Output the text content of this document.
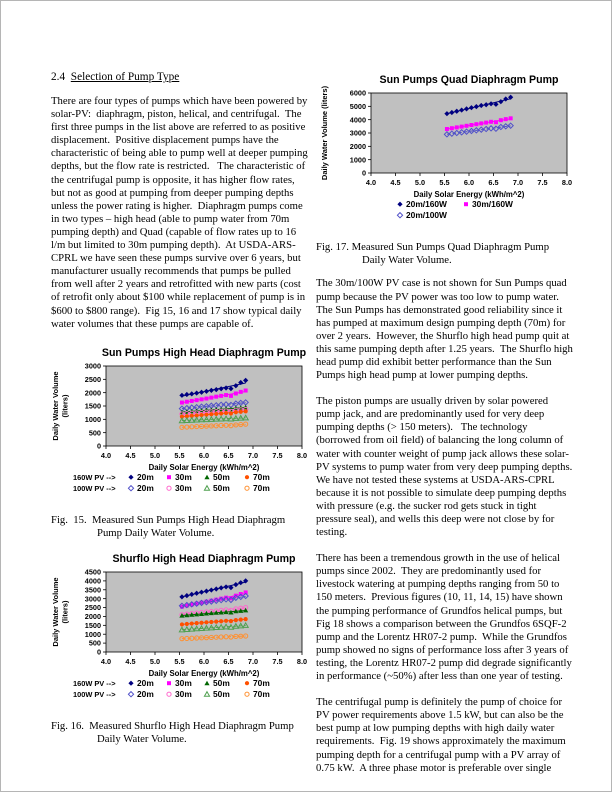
2.4 Selection of Pump Type

There are four types of pumps which have been powered by solar-PV:  diaphragm, piston, helical, and centrifugal.  The first three pumps in the list above are referred to as positive displacement.  Positive displacement pumps have the characteristic of being able to pump well at deeper pumping depths, but the flow rate is restricted.   The characteristic of the centrifugal pump is opposite, it has higher flow rates, but not as good at pumping from deeper pumping depths unless the power rating is higher.  Diaphragm pumps come in two types – high head (able to pump water from 70m pumping depth) and Quad (capable of flow rates up to 16 l/m but limited to 30m pumping depth).  At USDA-ARS-CPRL we have seen these pumps survive over 6 years, but manufacturer usually recommends that pumps be pulled from well after 2 years and retrofitted with new parts (cost of retrofit only about $100 while replacement of pump is in $600 to $800 range).  Fig 15, 16 and 17 show typical daily water volumes that these pumps are capable of.

Sun Pumps High Head Diaphragm Pump
0
500
1000
1500
2000
2500
3000
4.0 4.5 5.0 5.5 6.0 6.5 7.0 7.5 8.0
Daily Water Volume (liters)
Daily Solar Energy (kWh/m^2)
160W PV -->	20m	30m	50m	70m
100W PV -->	20m	30m	50m	70m
Fig.  15.  Measured Sun Pumps High Head Diaphragm
Pump Daily Water Volume.
Shurflo High Head Diaphragm Pump
0
500
1000
1500
2000
2500
3000
3500
4000
4500
4.0 4.5 5.0 5.5 6.0 6.5 7.0 7.5 8.0
Daily Water Volume (liters)
Daily Solar Energy (kWh/m^2)
160W PV -->	20m	30m	50m	70m
100W PV -->	20m	30m	50m	70m
Fig. 16.  Measured Shurflo High Head Diaphragm Pump
Daily Water Volume.
Sun Pumps Quad Diaphragm Pump
0
1000
2000
3000
4000
5000
6000
4.0 4.5 5.0 5.5 6.0 6.5 7.0 7.5 8.0
Daily Water Volume (liters)
Daily Solar Energy (kWh/m^2)
20m/160W	30m/160W
20m/100W
Fig. 17. Measured Sun Pumps Quad Diaphragm Pump
Daily Water Volume.

The 30m/100W PV case is not shown for Sun Pumps quad pump because the PV power was too low to pump water.  The Sun Pumps has demonstrated good reliability since it has pumped at maximum design pumping depth (70m) for over 2 years.  However, the Shurflo high head pump quit at this same pumping depth after 1.25 years.  The Shurflo high head pump did exhibit better performance than the Sun Pumps high head pump at lower pumping depths.

The piston pumps are usually driven by solar powered pump jack, and are predominantly used for very deep pumping depths (> 150 meters).   The technology (borrowed from oil field) of balancing the long column of water with counter weight of pump jack allows these solar-PV systems to pump water from very deep pumping depths.  We have not tested these systems at USDA-ARS-CPRL because it is not possible to simulate deep pumping depths with pressure (e.g. the sucker rod gets stuck in tight pressure seal), and wells this deep were not close by for testing.

There has been a tremendous growth in the use of helical pumps since 2002.  They are predominantly used for livestock watering at pumping depths ranging from 50 to 150 meters.  Previous figures (10, 11, 14, 15) have shown the pumping performance of Grundfos helical pumps, but Fig 18 shows a comparison between the Grundfos 6SQF-2 pump and the Lorentz HR07-2 pump.  While the Grundfos pump showed no signs of performance loss after 3 years of testing, the Lorentz HR07-2 pump did degrade significantly in performance (~50%) after less than one year of testing.

The centrifugal pump is definitely the pump of choice for PV power requirements above 1.5 kW, but can also be the best pump at low pumping depths with high daily water requirements.  Fig. 19 shows approximately the maximum pumping depth for a centrifugal pump with a PV array of 0.75 kW.  A three phase motor is preferable over single
